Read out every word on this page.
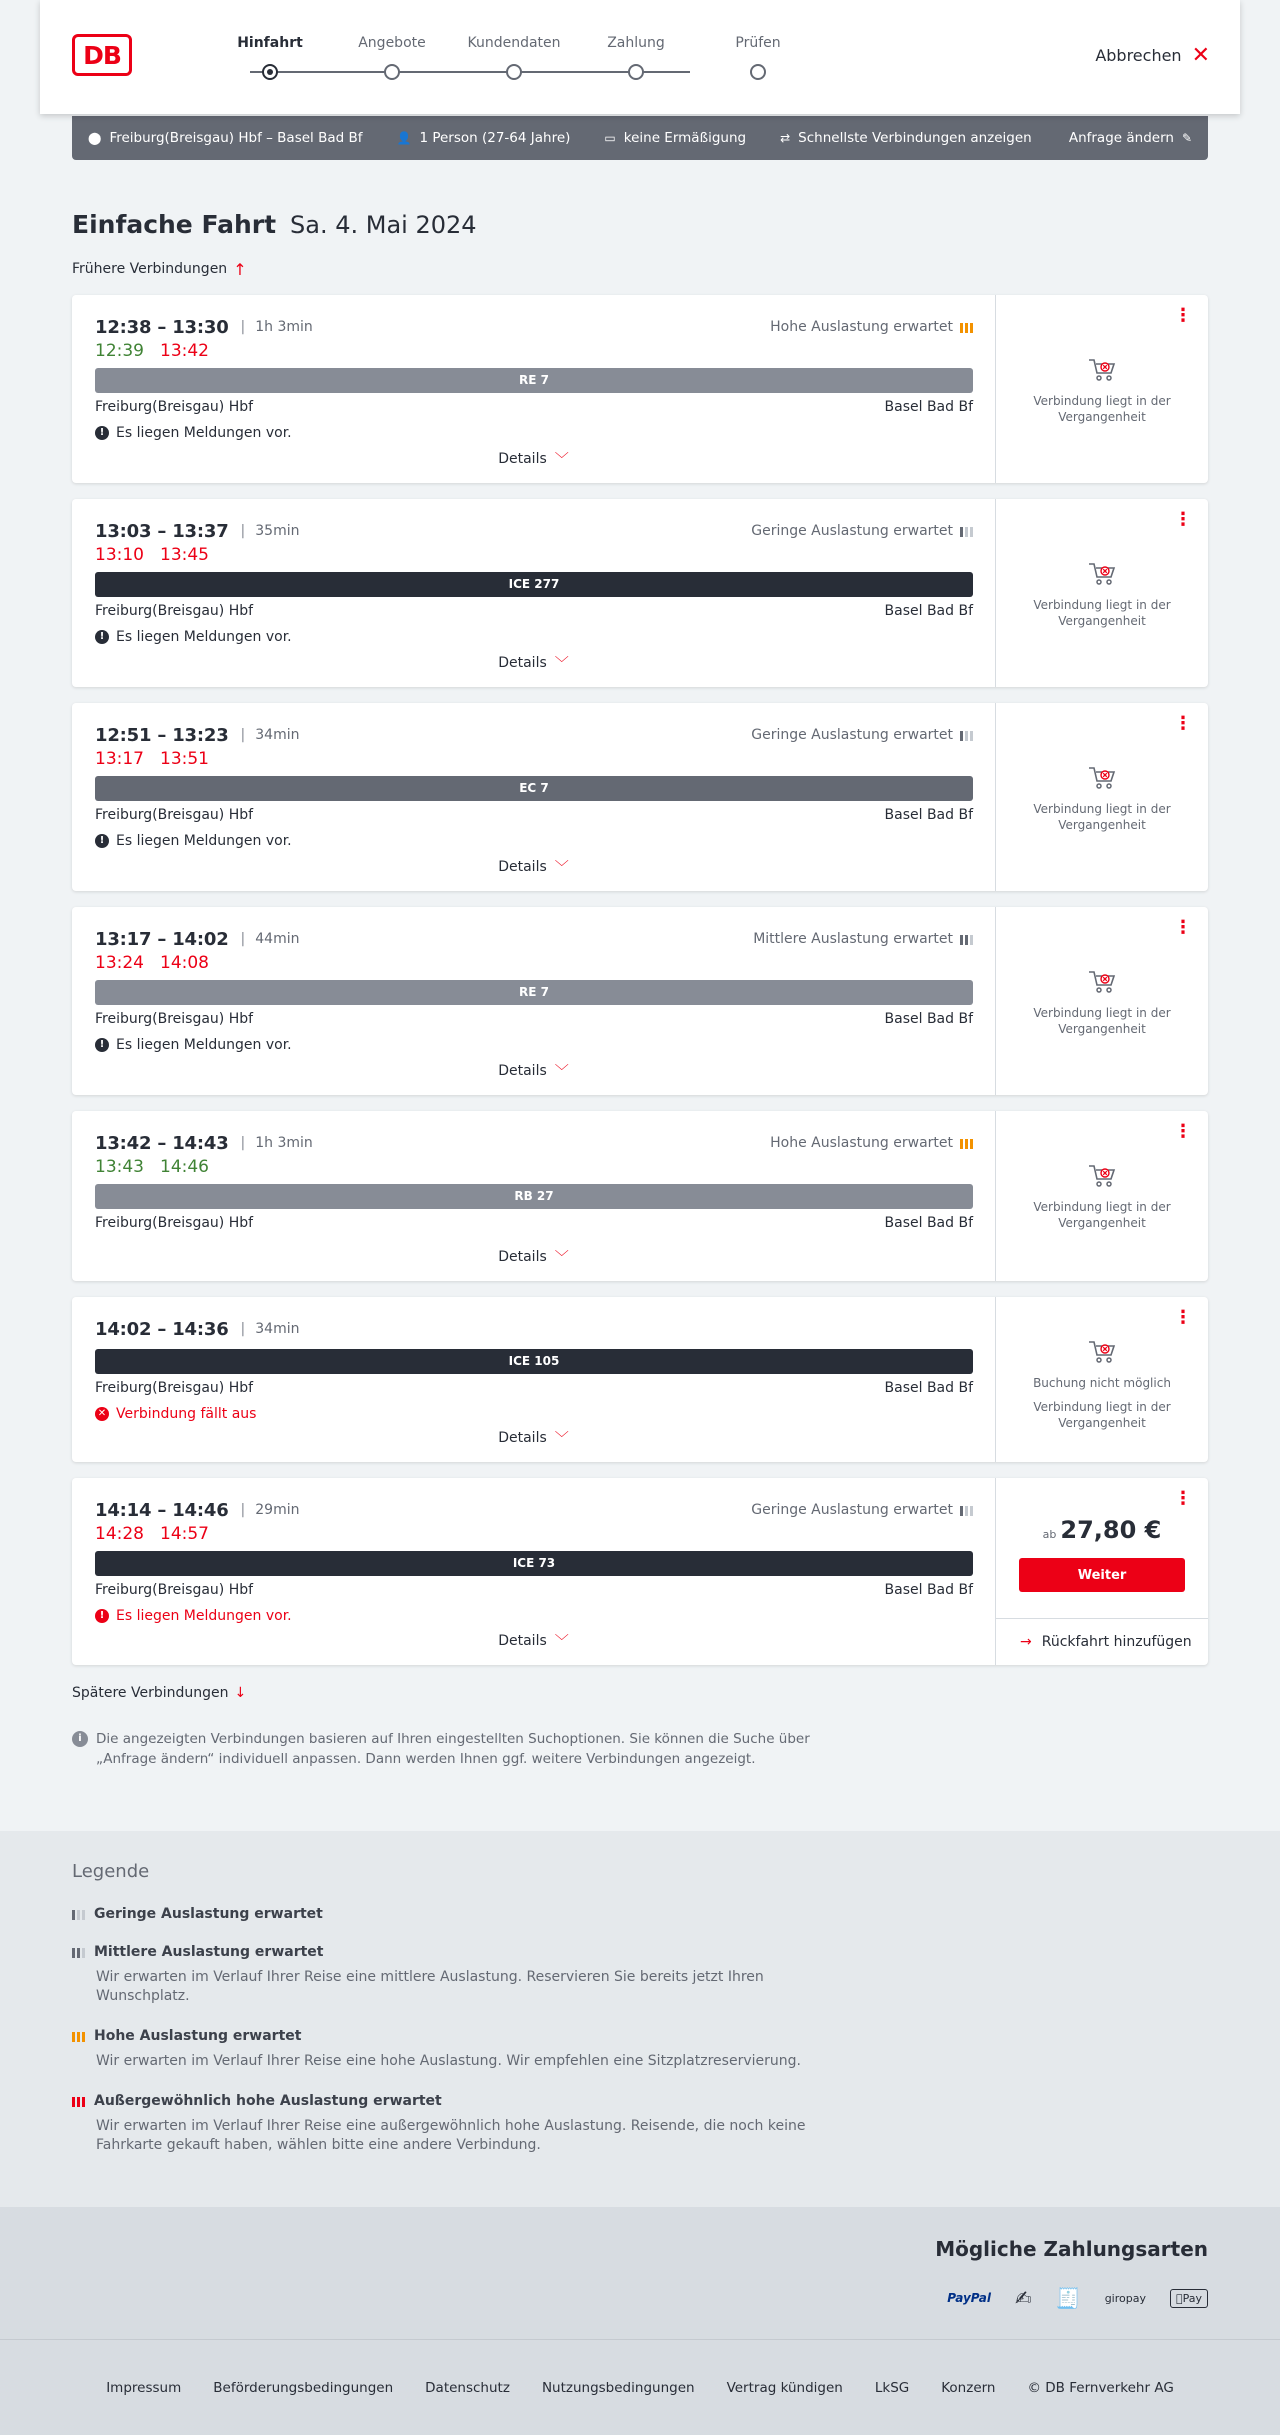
DB	Hinfahrt	Angebote	Kundendaten	Zahlung	Prüfen
Abbrechen ✕
⬤ Freiburg(Breisgau) Hbf – Basel Bad Bf	👤 1 Person (27-64 Jahre)	▭ keine Ermäßigung	⇄ Schnellste Verbindungen anzeigen	Anfrage ändern ✎
Einfache Fahrt Sa. 4. Mai 2024
Frühere Verbindungen ↑
12:38 – 13:30 | 1h 3min	Hohe Auslastung erwartet
12:39 13:42
RE 7
Freiburg(Breisgau) Hbf	Basel Bad Bf
! Es liegen Meldungen vor.
Details ﹀
⋮
Verbindung liegt in der Vergangenheit
13:03 – 13:37 | 35min	Geringe Auslastung erwartet
13:10 13:45
ICE 277
Freiburg(Breisgau) Hbf	Basel Bad Bf
! Es liegen Meldungen vor.
Details ﹀
⋮
Verbindung liegt in der Vergangenheit
12:51 – 13:23 | 34min	Geringe Auslastung erwartet
13:17 13:51
EC 7
Freiburg(Breisgau) Hbf	Basel Bad Bf
! Es liegen Meldungen vor.
Details ﹀
⋮
Verbindung liegt in der Vergangenheit
13:17 – 14:02 | 44min	Mittlere Auslastung erwartet
13:24 14:08
RE 7
Freiburg(Breisgau) Hbf	Basel Bad Bf
! Es liegen Meldungen vor.
Details ﹀
⋮
Verbindung liegt in der Vergangenheit
13:42 – 14:43 | 1h 3min	Hohe Auslastung erwartet
13:43 14:46
RB 27
Freiburg(Breisgau) Hbf	Basel Bad Bf
Details ﹀
⋮
Verbindung liegt in der Vergangenheit
14:02 – 14:36 | 34min
ICE 105
Freiburg(Breisgau) Hbf	Basel Bad Bf
✕ Verbindung fällt aus
Details ﹀
⋮
Buchung nicht möglich
Verbindung liegt in der Vergangenheit
14:14 – 14:46 | 29min	Geringe Auslastung erwartet
14:28 14:57
ICE 73
Freiburg(Breisgau) Hbf	Basel Bad Bf
! Es liegen Meldungen vor.
Details ﹀
⋮
ab 27,80 €
Weiter
→ Rückfahrt hinzufügen
Spätere Verbindungen ↓
i	Die angezeigten Verbindungen basieren auf Ihren eingestellten Suchoptionen. Sie können die Suche über „Anfrage ändern“ individuell anpassen. Dann werden Ihnen ggf. weitere Verbindungen angezeigt.
Legende
Geringe Auslastung erwartet
Mittlere Auslastung erwartet
Wir erwarten im Verlauf Ihrer Reise eine mittlere Auslastung. Reservieren Sie bereits jetzt Ihren Wunschplatz.
Hohe Auslastung erwartet
Wir erwarten im Verlauf Ihrer Reise eine hohe Auslastung. Wir empfehlen eine Sitzplatzreservierung.
Außergewöhnlich hohe Auslastung erwartet
Wir erwarten im Verlauf Ihrer Reise eine außergewöhnlich hohe Auslastung. Reisende, die noch keine Fahrkarte gekauft haben, wählen bitte eine andere Verbindung.
Mögliche Zahlungsarten
PayPal	✍	🧾	giropay	Pay
Impressum Beförderungsbedingungen Datenschutz Nutzungsbedingungen Vertrag kündigen LkSG Konzern © DB Fernverkehr AG
